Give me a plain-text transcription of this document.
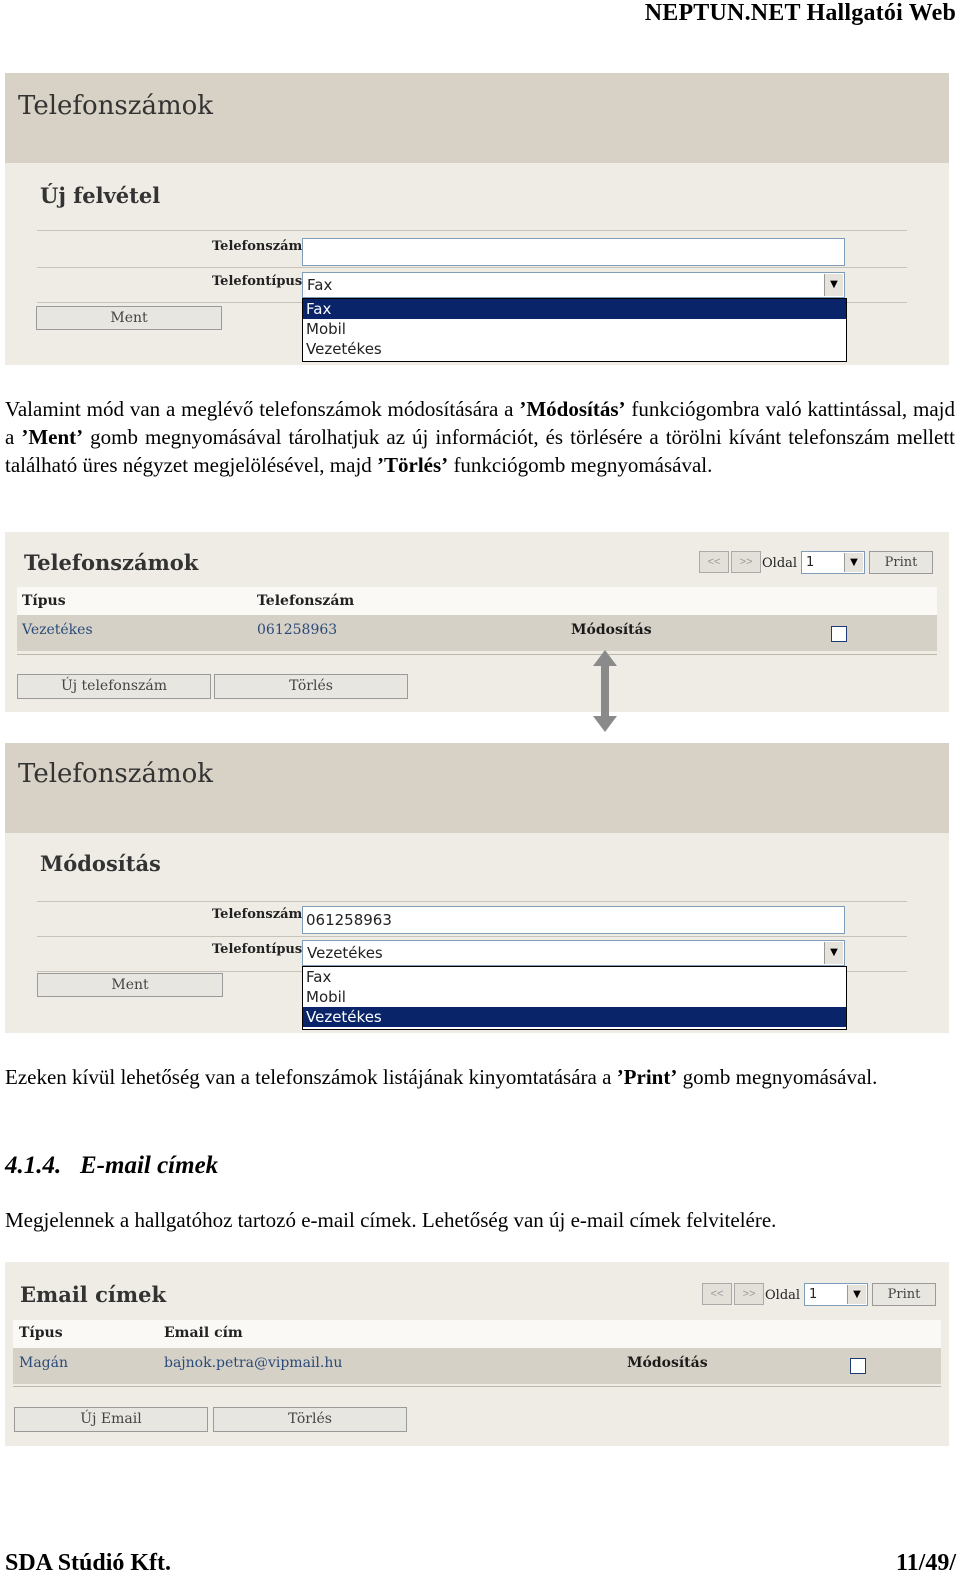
NEPTUN.NET Hallgatói Web
Telefonszámok
Új felvétel
Telefonszám
Telefontípus Fax	▼
Ment	Fax
Mobil
Vezetékes
Valamint mód van a meglévő telefonszámok módosítására a ’Módosítás’ funkciógombra való kattintással, majd a ’Ment’ gomb megnyomásával tárolhatjuk az új információt, és törlésére a törölni kívánt telefonszám mellett található üres négyzet megjelölésével, majd ’Törlés’ funkciógomb megnyomásával.
Telefonszámok	<<	>> Oldal 1	▼	Print
Típus	Telefonszám
Vezetékes	061258963	Módosítás
Új telefonszám	Törlés
Telefonszámok
Módosítás
Telefonszám 061258963
Telefontípus Vezetékes	▼
Ment	Fax
Mobil
Vezetékes
Ezeken kívül lehetőség van a telefonszámok listájának kinyomtatására a ’Print’ gomb megnyomásával.
4.1.4. E-mail címek
Megjelennek a hallgatóhoz tartozó e-mail címek. Lehetőség van új e-mail címek felvitelére.
Email címek	<<	>> Oldal 1	▼	Print
Típus	Email cím
Magán	bajnok.petra@vipmail.hu	Módosítás
Új Email	Törlés
SDA Stúdió Kft.	11/49/
